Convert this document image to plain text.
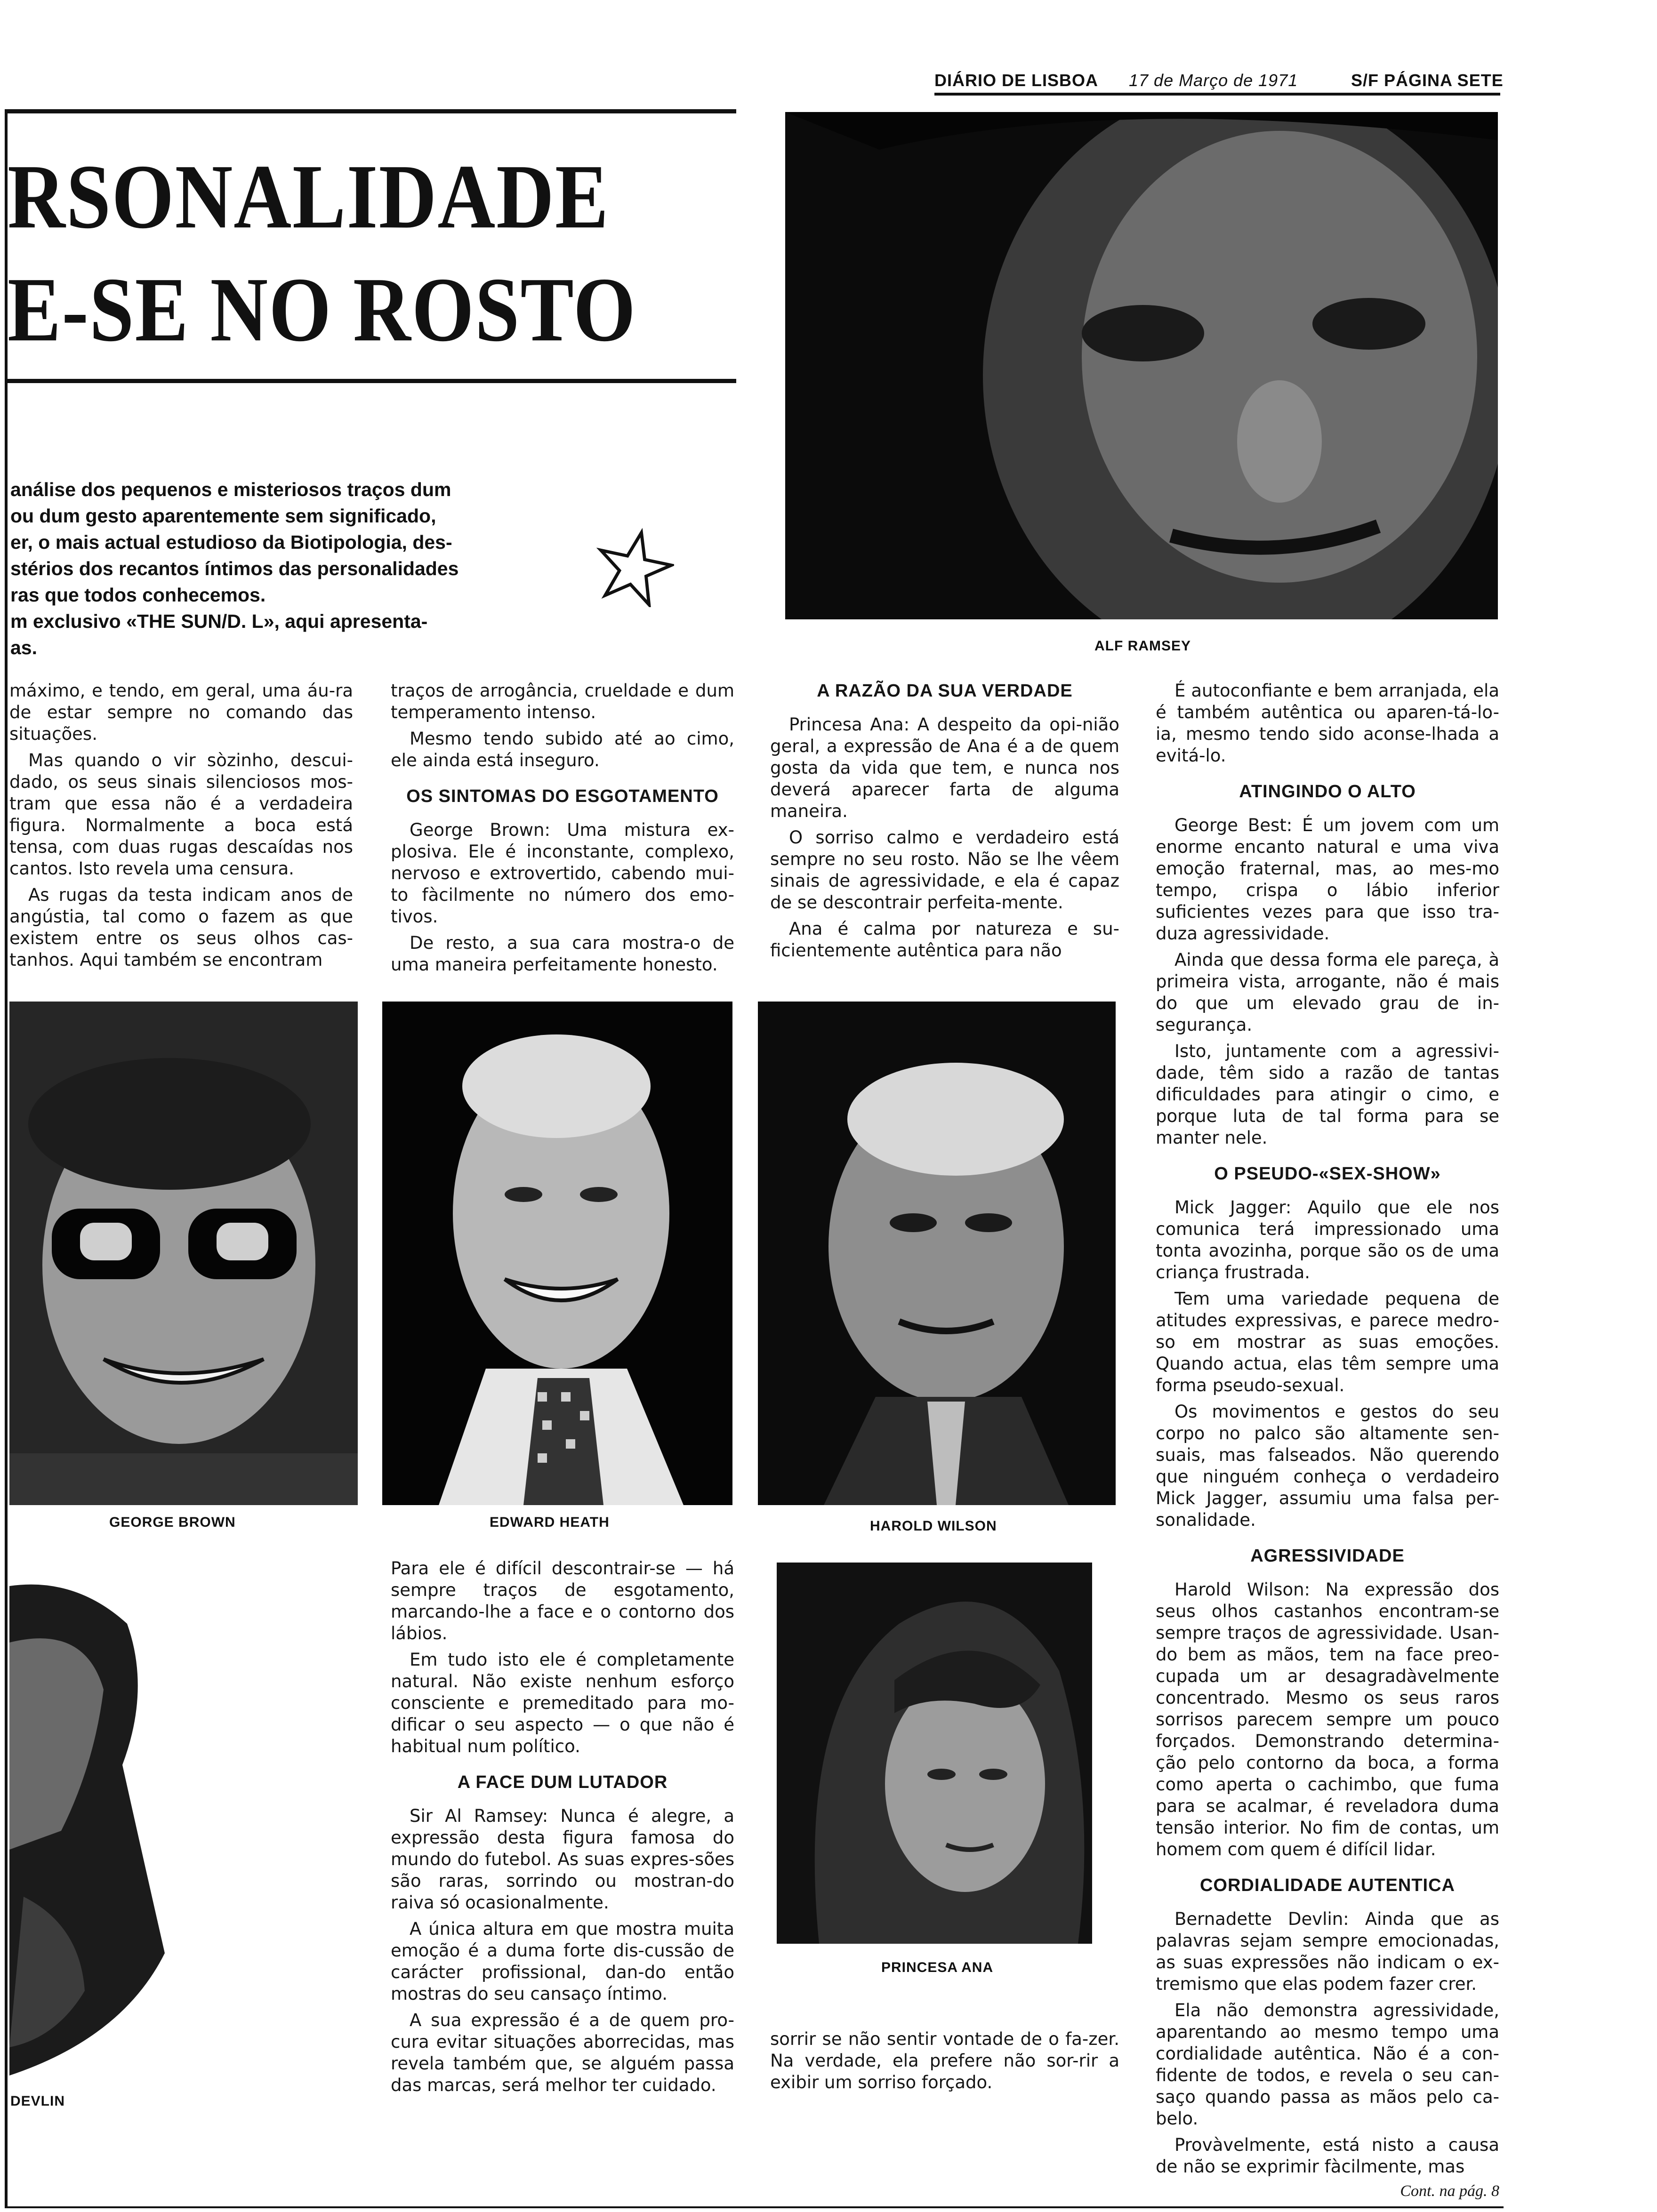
DIÁRIO DE LISBOA 17 de Março de 1971	S/F PÁGINA SETE
RSONALIDADE
E-SE NO ROSTO
análise dos pequenos e misteriosos traços dum
ou dum gesto aparentemente sem significado,
er, o mais actual estudioso da Biotipologia, des-
stérios dos recantos íntimos das personalidades
ras que todos conhecemos.
m exclusivo «THE SUN/D. L», aqui apresenta-
as.	ALF RAMSEY

máximo, e tendo, em geral, uma áu-ra de estar sempre no comando das situações.

Mas quando o vir sòzinho, descui-dado, os seus sinais silenciosos mos-tram que essa não é a verdadeira figura. Normalmente a boca está tensa, com duas rugas descaídas nos cantos. Isto revela uma censura.

As rugas da testa indicam anos de angústia, tal como o fazem as que existem entre os seus olhos cas-tanhos. Aqui também se encontram

traços de arrogância, crueldade e dum temperamento intenso.

Mesmo tendo subido até ao cimo, ele ainda está inseguro.

OS SINTOMAS DO ESGOTAMENTO

George Brown: Uma mistura ex-plosiva. Ele é inconstante, complexo, nervoso e extrovertido, cabendo mui-to fàcilmente no número dos emo-tivos.

De resto, a sua cara mostra-o de uma maneira perfeitamente honesto.

A RAZÃO DA SUA VERDADE

Princesa Ana: A despeito da opi-nião geral, a expressão de Ana é a de quem gosta da vida que tem, e nunca nos deverá aparecer farta de alguma maneira.

O sorriso calmo e verdadeiro está sempre no seu rosto. Não se lhe vêem sinais de agressividade, e ela é capaz de se descontrair perfeita-mente.

Ana é calma por natureza e su-ficientemente autêntica para não

É autoconfiante e bem arranjada, ela é também autêntica ou aparen-tá-lo-ia, mesmo tendo sido aconse-lhada a evitá-lo.

ATINGINDO O ALTO

George Best: É um jovem com um enorme encanto natural e uma viva emoção fraternal, mas, ao mes-mo tempo, crispa o lábio inferior suficientes vezes para que isso tra-duza agressividade.

Ainda que dessa forma ele pareça, à primeira vista, arrogante, não é mais do que um elevado grau de in-segurança.

Isto, juntamente com a agressivi-dade, têm sido a razão de tantas dificuldades para atingir o cimo, e porque luta de tal forma para se manter nele.

O PSEUDO-«SEX-SHOW»

Mick Jagger: Aquilo que ele nos comunica terá impressionado uma tonta avozinha, porque são os de uma criança frustrada.

Tem uma variedade pequena de atitudes expressivas, e parece medro-so em mostrar as suas emoções. Quando actua, elas têm sempre uma forma pseudo-sexual.

Os movimentos e gestos do seu corpo no palco são altamente sen-suais, mas falseados. Não querendo que ninguém conheça o verdadeiro Mick Jagger, assumiu uma falsa per-sonalidade.

AGRESSIVIDADE

Harold Wilson: Na expressão dos seus olhos castanhos encontram-se sempre traços de agressividade. Usan-do bem as mãos, tem na face preo-cupada um ar desagradàvelmente concentrado. Mesmo os seus raros sorrisos parecem sempre um pouco forçados. Demonstrando determina-ção pelo contorno da boca, a forma como aperta o cachimbo, que fuma para se acalmar, é reveladora duma tensão interior. No fim de contas, um homem com quem é difícil lidar.

CORDIALIDADE AUTENTICA

Bernadette Devlin: Ainda que as palavras sejam sempre emocionadas, as suas expressões não indicam o ex-tremismo que elas podem fazer crer.

Ela não demonstra agressividade, aparentando ao mesmo tempo uma cordialidade autêntica. Não é a con-fidente de todos, e revela o seu can-saço quando passa as mãos pelo ca-belo.

Provàvelmente, está nisto a causa de não se exprimir fàcilmente, mas

Cont. na pág. 8
GEORGE BROWN	EDWARD HEATH	HAROLD WILSON

Para ele é difícil descontrair-se — há sempre traços de esgotamento, marcando-lhe a face e o contorno dos lábios.

Em tudo isto ele é completamente natural. Não existe nenhum esforço consciente e premeditado para mo-dificar o seu aspecto — o que não é habitual num político.

A FACE DUM LUTADOR

Sir Al Ramsey: Nunca é alegre, a expressão desta figura famosa do mundo do futebol. As suas expres-sões são raras, sorrindo ou mostran-do raiva só ocasionalmente.

A única altura em que mostra muita emoção é a duma forte dis-cussão de carácter profissional, dan-do então mostras do seu cansaço íntimo.

A sua expressão é a de quem pro-cura evitar situações aborrecidas, mas revela também que, se alguém passa das marcas, será melhor ter cuidado.

PRINCESA ANA

sorrir se não sentir vontade de o fa-zer. Na verdade, ela prefere não sor-rir a exibir um sorriso forçado.

DEVLIN
